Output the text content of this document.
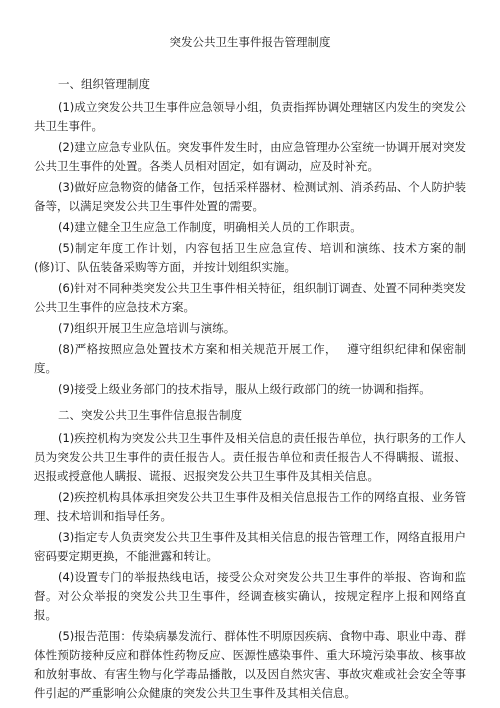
突发公共卫生事件报告管理制度
一、组织管理制度

(1)成立突发公共卫生事件应急领导小组，负责指挥协调处理辖区内发生的突发公共卫生事件。

(2)建立应急专业队伍。突发事件发生时，由应急管理办公室统一协调开展对突发公共卫生事件的处置。各类人员相对固定，如有调动，应及时补充。

(3)做好应急物资的储备工作，包括采样器材、检测试剂、消杀药品、个人防护装备等，以满足突发公共卫生事件处置的需要。

(4)建立健全卫生应急工作制度，明确相关人员的工作职责。

(5)制定年度工作计划，内容包括卫生应急宣传、培训和演练、技术方案的制　　(修)订、队伍装备采购等方面，并按计划组织实施。

(6)针对不同种类突发公共卫生事件相关特征，组织制订调查、处置不同种类突发公共卫生事件的应急技术方案。

(7)组织开展卫生应急培训与演练。

(8)严格按照应急处置技术方案和相关规范开展工作，　 遵守组织纪律和保密制度。

(9)接受上级业务部门的技术指导，服从上级行政部门的统一协调和指挥。

二、突发公共卫生事件信息报告制度

(1)疾控机构为突发公共卫生事件及相关信息的责任报告单位，执行职务的工作人员为突发公共卫生事件的责任报告人。责任报告单位和责任报告人不得瞒报、谎报、迟报或授意他人瞒报、谎报、迟报突发公共卫生事件及其相关信息。

(2)疾控机构具体承担突发公共卫生事件及相关信息报告工作的网络直报、业务管理、技术培训和指导任务。

(3)指定专人负责突发公共卫生事件及其相关信息的报告管理工作，网络直报用户密码要定期更换，不能泄露和转让。

(4)设置专门的举报热线电话，接受公众对突发公共卫生事件的举报、咨询和监督。对公众举报的突发公共卫生事件，经调查核实确认，按规定程序上报和网络直报。

(5)报告范围：传染病暴发流行、群体性不明原因疾病、食物中毒、职业中毒、群体性预防接种反应和群体性药物反应、医源性感染事件、重大环境污染事故、核事故和放射事故、有害生物与化学毒品播散，以及因自然灾害、事故灾难或社会安全等事件引起的严重影响公众健康的突发公共卫生事件及其相关信息。
